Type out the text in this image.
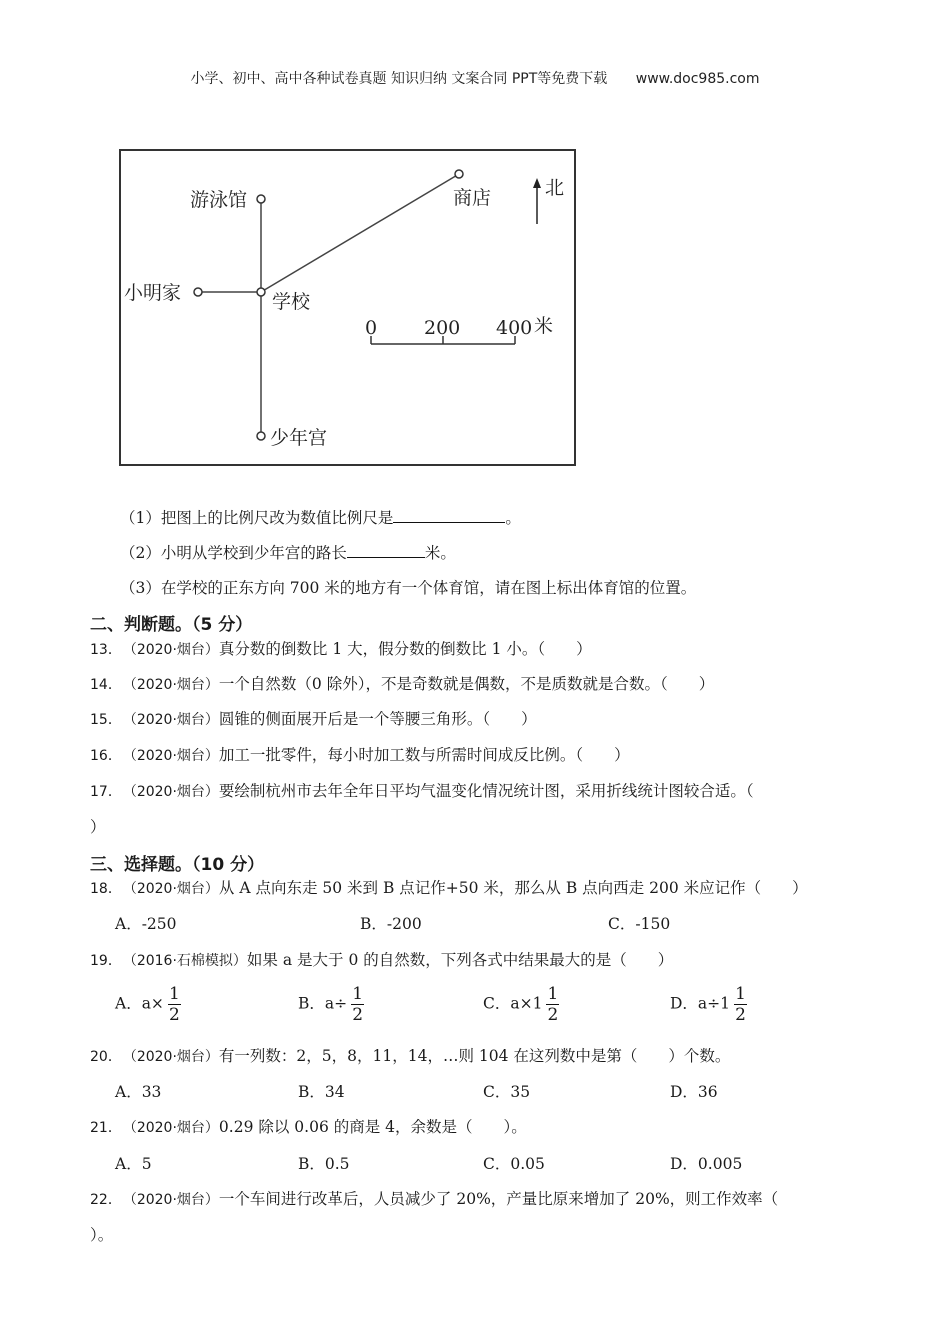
小学、初中、高中各种试卷真题 知识归纳 文案合同 PPT等免费下载 www.doc985.com
游泳馆	商店
小明家	学校
少年宫
北
0 200 400 米
（1）把图上的比例尺改为数值比例尺是	。
（2）小明从学校到少年宫的路长	米。
（3）在学校的正东方向 700 米的地方有一个体育馆，请在图上标出体育馆的位置。
二、判断题。（5 分）
13． （2020·烟台）真分数的倒数比 1 大，假分数的倒数比 1 小。（　　）
14． （2020·烟台）一个自然数（0 除外），不是奇数就是偶数，不是质数就是合数。（　　）
15． （2020·烟台）圆锥的侧面展开后是一个等腰三角形。（　　）
16． （2020·烟台）加工一批零件，每小时加工数与所需时间成反比例。（　　）
17． （2020·烟台）要绘制杭州市去年全年日平均气温变化情况统计图，采用折线统计图较合适。（
）
三、选择题。（10 分）
18． （2020·烟台）从 A 点向东走 50 米到 B 点记作+50 米，那么从 B 点向西走 200 米应记作（　　）
A．-250	B．-200	C．-150
19． （2016·石棉模拟）如果 a 是大于 0 的自然数，下列各式中结果最大的是（　　）
A．$a\times \frac{1}{2}$	B．$a\div \frac{1}{2}$	C．$a\times 1 \frac{1}{2}$	D．$a\div 1 \frac{1}{2}$
20． （2020·烟台）有一列数：2，5，8，11，14，…则 104 在这列数中是第（　　）个数。
A．33	B．34	C．35	D．36
21． （2020·烟台）0.29 除以 0.06 的商是 4，余数是（　　）。
A．5	B．0.5	C．0.05	D．0.005
22． （2020·烟台）一个车间进行改革后，人员减少了 20%，产量比原来增加了 20%，则工作效率（
）。
